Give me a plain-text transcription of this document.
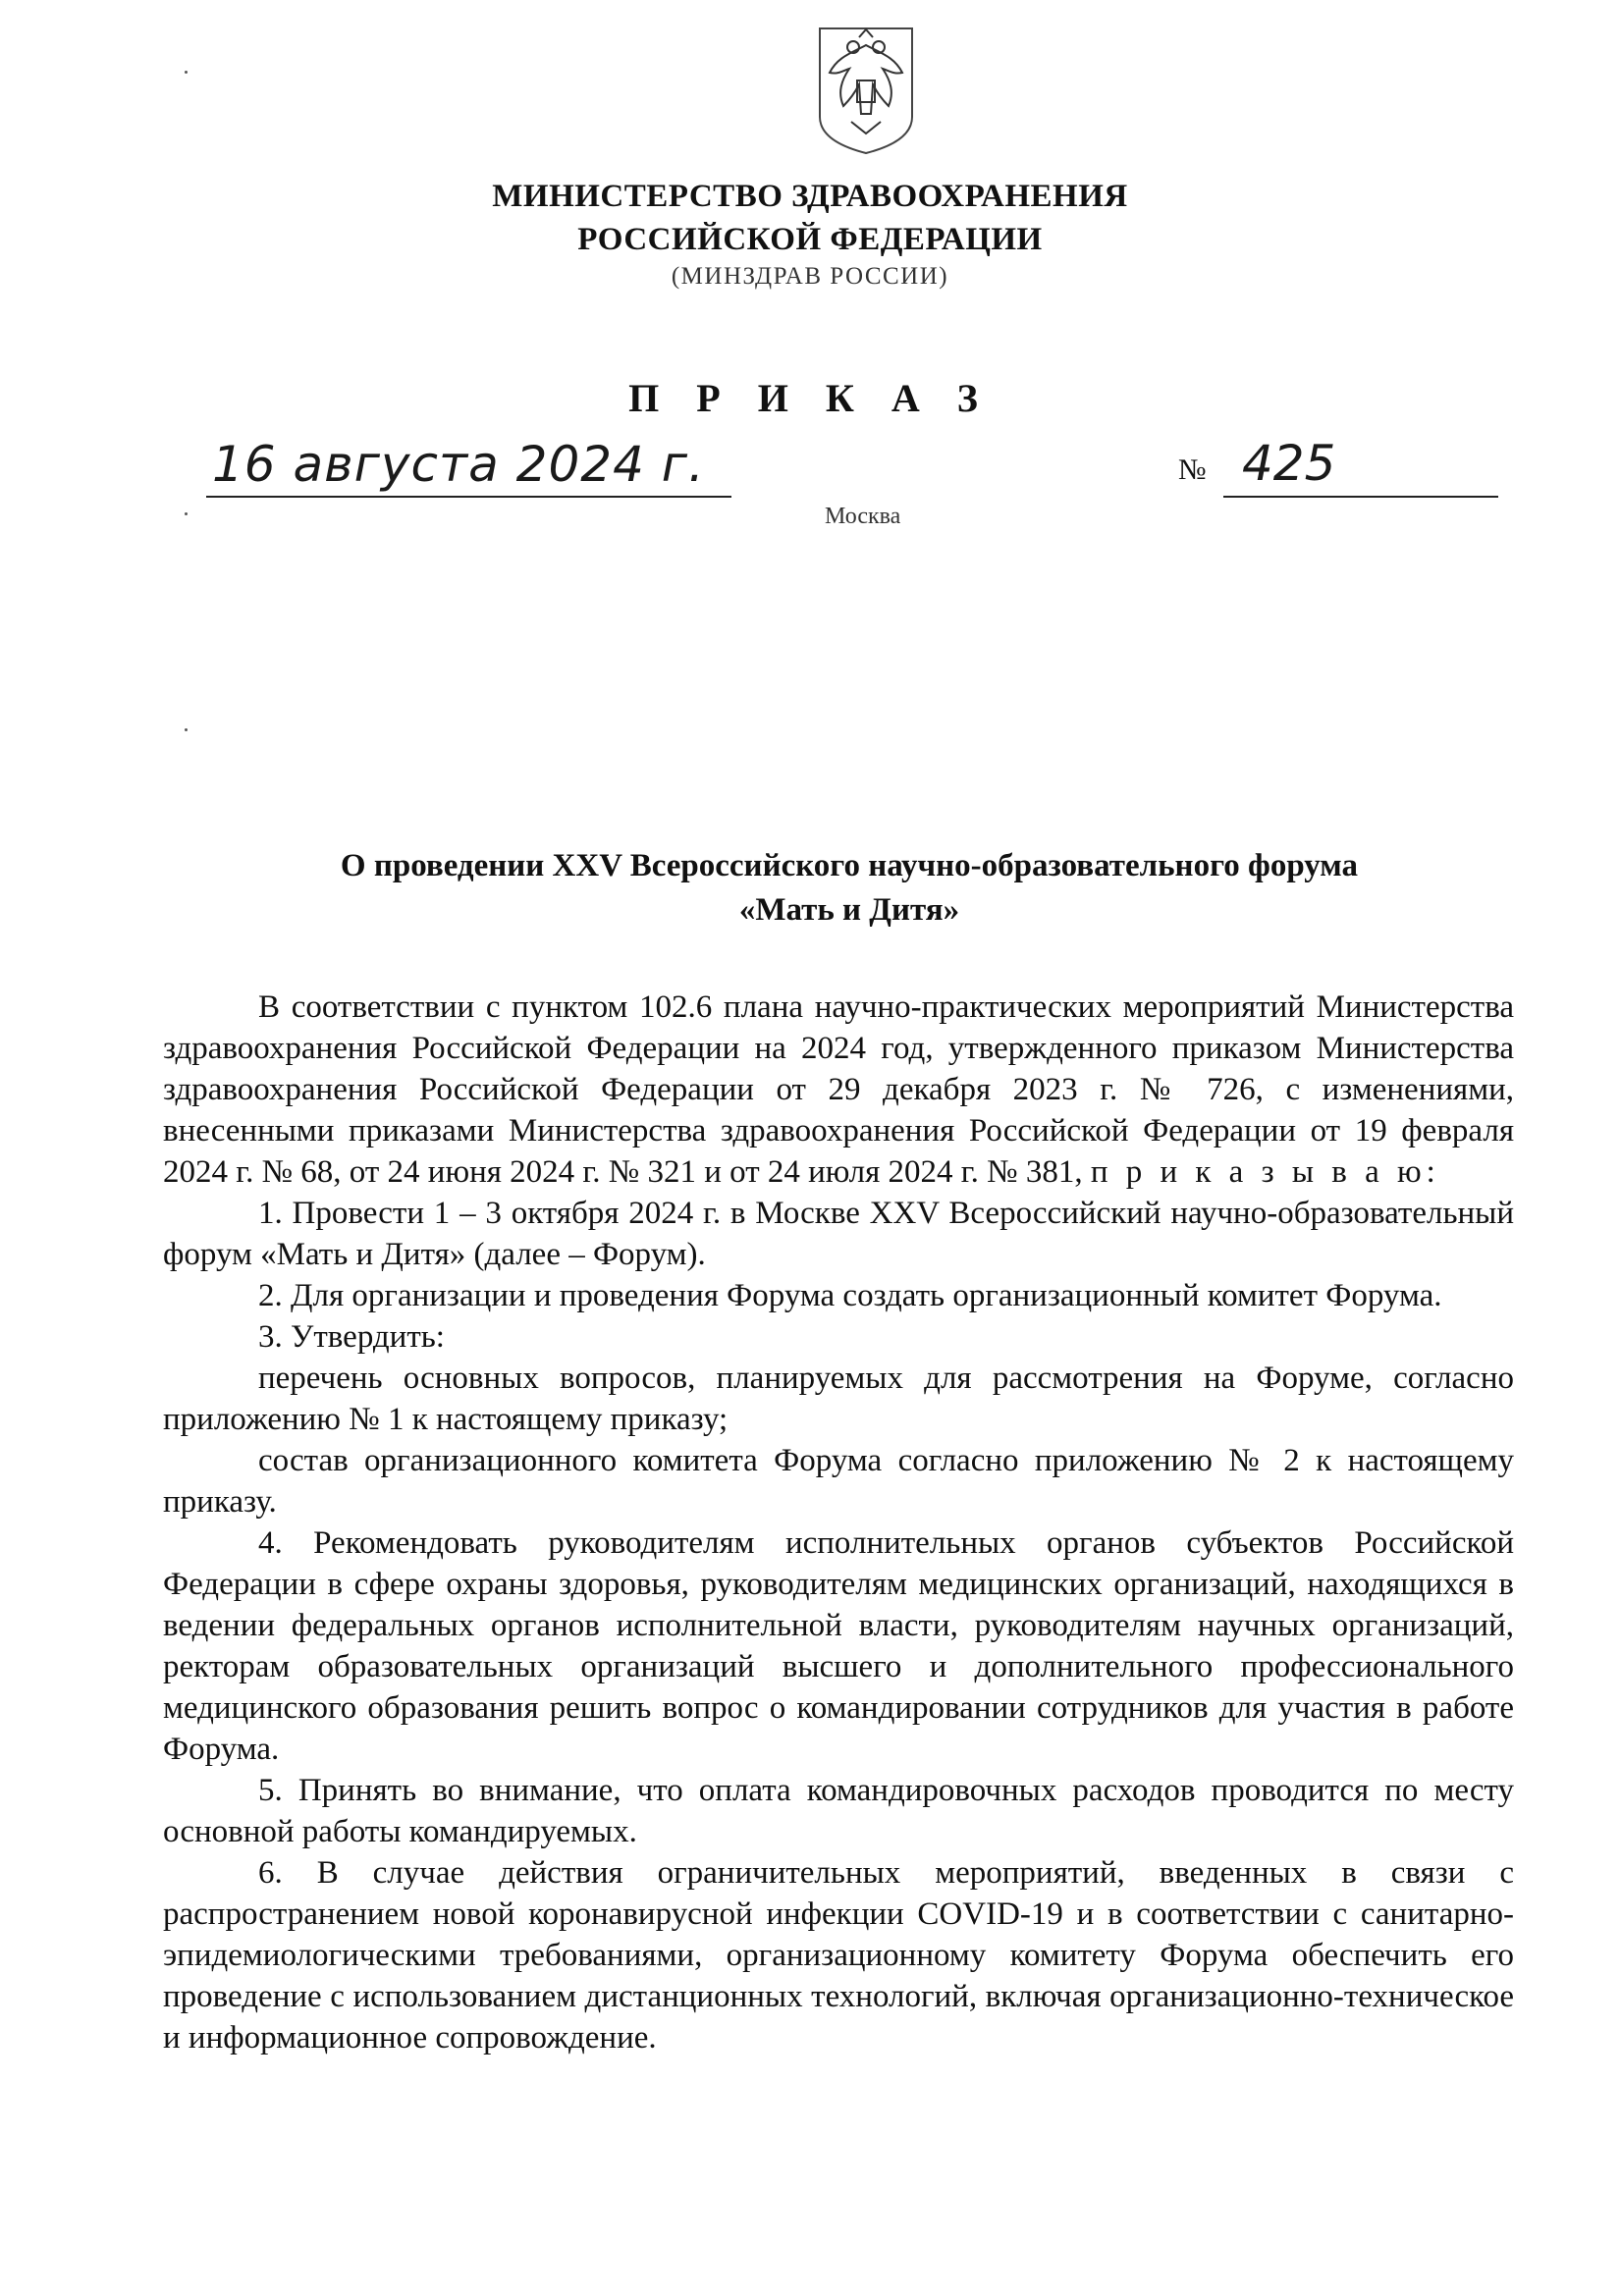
МИНИСТЕРСТВО ЗДРАВООХРАНЕНИЯ
РОССИЙСКОЙ ФЕДЕРАЦИИ
(МИНЗДРАВ РОССИИ)
П Р И К А З
16 августа 2024 г.	№ 425
Москва
О проведении XXV Всероссийского научно-образовательного форума
«Мать и Дитя»

В соответствии с пунктом 102.6 плана научно-практических мероприятий Министерства здравоохранения Российской Федерации на 2024 год, утвержденного приказом Министерства здравоохранения Российской Федерации от 29 декабря 2023 г. № 726, с изменениями, внесенными приказами Министерства здравоохранения Российской Федерации от 19 февраля 2024 г. № 68, от 24 июня 2024 г. № 321 и от 24 июля 2024 г. № 381, п р и к а з ы в а ю:

1. Провести 1 – 3 октября 2024 г. в Москве XXV Всероссийский научно-образовательный форум «Мать и Дитя» (далее – Форум).

2. Для организации и проведения Форума создать организационный комитет Форума.

3. Утвердить:

перечень основных вопросов, планируемых для рассмотрения на Форуме, согласно приложению № 1 к настоящему приказу;

состав организационного комитета Форума согласно приложению № 2 к настоящему приказу.

4. Рекомендовать руководителям исполнительных органов субъектов Российской Федерации в сфере охраны здоровья, руководителям медицинских организаций, находящихся в ведении федеральных органов исполнительной власти, руководителям научных организаций, ректорам образовательных организаций высшего и дополнительного профессионального медицинского образования решить вопрос о командировании сотрудников для участия в работе Форума.

5. Принять во внимание, что оплата командировочных расходов проводится по месту основной работы командируемых.

6. В случае действия ограничительных мероприятий, введенных в связи с распространением новой коронавирусной инфекции COVID-19 и в соответствии с санитарно-эпидемиологическими требованиями, организационному комитету Форума обеспечить его проведение с использованием дистанционных технологий, включая организационно-техническое и информационное сопровождение.
